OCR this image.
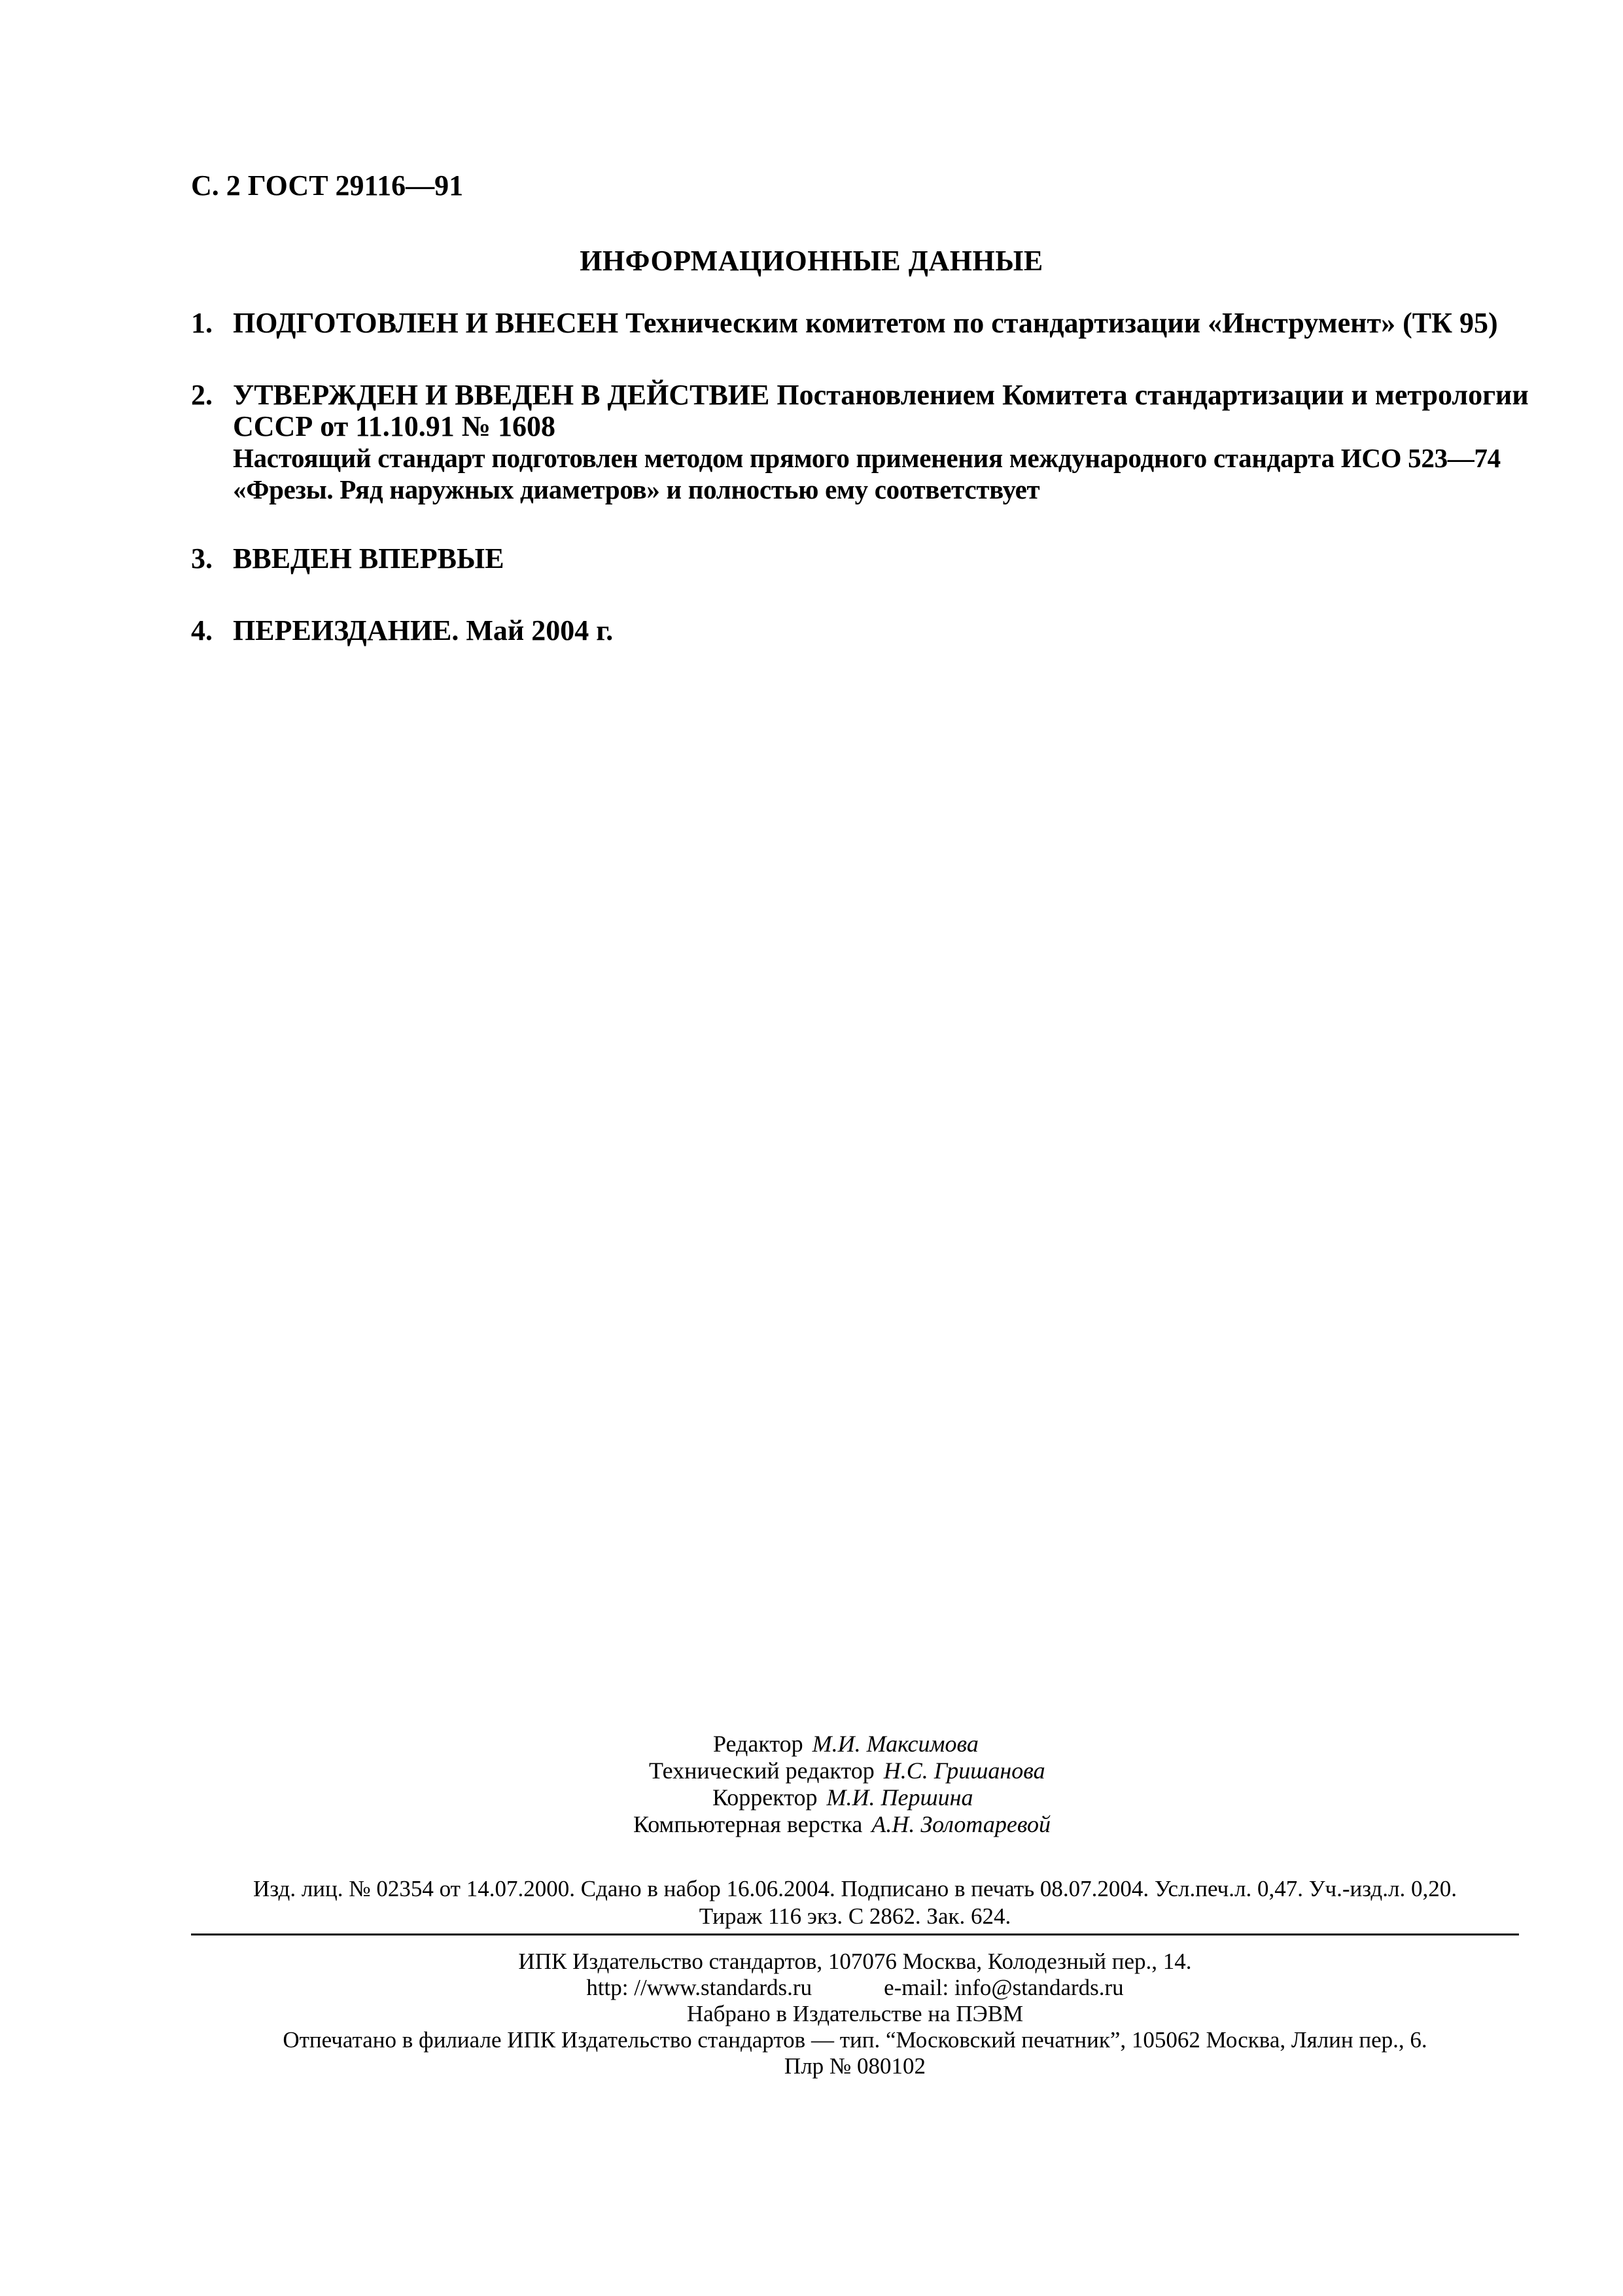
С. 2 ГОСТ 29116—91
ИНФОРМАЦИОННЫЕ ДАННЫЕ
1. ПОДГОТОВЛЕН И ВНЕСЕН Техническим комитетом по стандартизации «Инструмент» (ТК 95)
2. УТВЕРЖДЕН И ВВЕДЕН В ДЕЙСТВИЕ Постановлением Комитета стандартизации и метрологии
СССР от 11.10.91 № 1608
Настоящий стандарт подготовлен методом прямого применения международного стандарта ИСО 523—74
«Фрезы. Ряд наружных диаметров» и полностью ему соответствует
3. ВВЕДЕН ВПЕРВЫЕ
4. ПЕРЕИЗДАНИЕ. Май 2004 г.
Редактор М.И. Максимова
Технический редактор Н.С. Гришанова
Корректор М.И. Першина
Компьютерная верстка А.Н. Золотаревой
Изд. лиц. № 02354 от 14.07.2000. Сдано в набор 16.06.2004. Подписано в печать 08.07.2004. Усл.печ.л. 0,47. Уч.-изд.л. 0,20.
Тираж 116 экз. С 2862. Зак. 624.
ИПК Издательство стандартов, 107076 Москва, Колодезный пер., 14.
http: //www.standards.ru	e-mail: info@standards.ru
Набрано в Издательстве на ПЭВМ
Отпечатано в филиале ИПК Издательство стандартов — тип. “Московский печатник”, 105062 Москва, Лялин пер., 6.
Плр № 080102
